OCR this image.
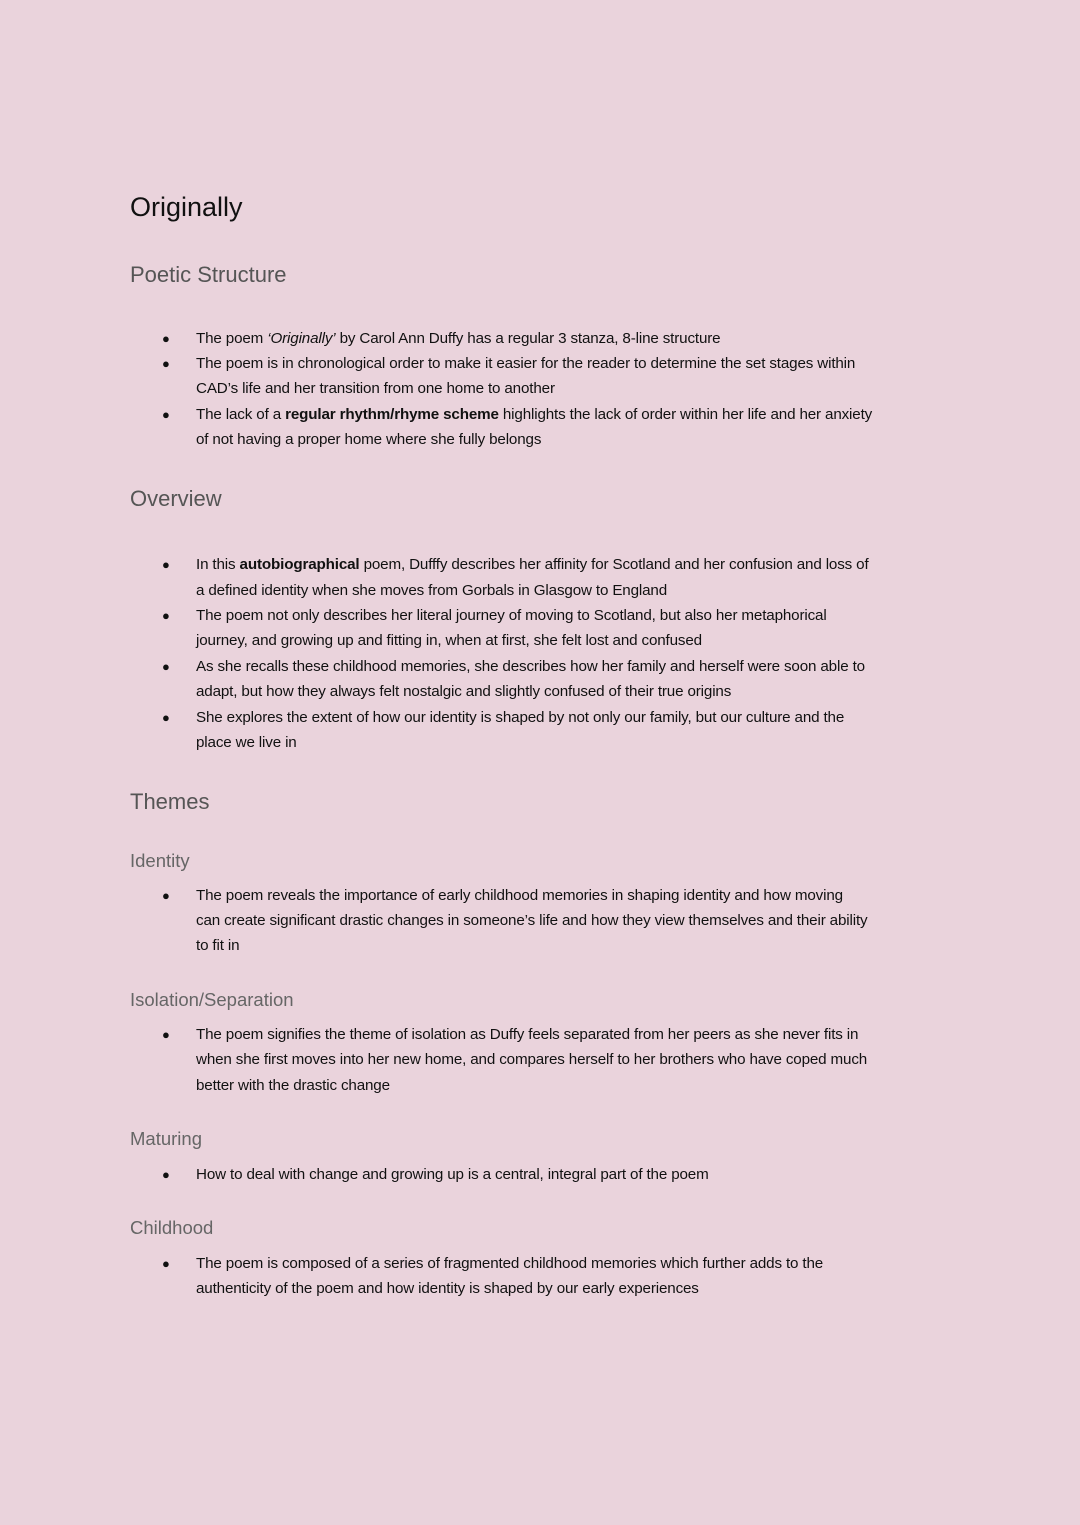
Originally
Poetic Structure
● The poem ‘Originally’ by Carol Ann Duffy has a regular 3 stanza, 8-line structure
● The poem is in chronological order to make it easier for the reader to determine the set stages within
CAD’s life and her transition from one home to another
● The lack of a regular rhythm/rhyme scheme highlights the lack of order within her life and her anxiety
of not having a proper home where she fully belongs
Overview
● In this autobiographical poem, Dufffy describes her affinity for Scotland and her confusion and loss of
a defined identity when she moves from Gorbals in Glasgow to England
● The poem not only describes her literal journey of moving to Scotland, but also her metaphorical
journey, and growing up and fitting in, when at first, she felt lost and confused
● As she recalls these childhood memories, she describes how her family and herself were soon able to
adapt, but how they always felt nostalgic and slightly confused of their true origins
● She explores the extent of how our identity is shaped by not only our family, but our culture and the
place we live in
Themes
Identity
● The poem reveals the importance of early childhood memories in shaping identity and how moving
can create significant drastic changes in someone’s life and how they view themselves and their ability
to fit in
Isolation/Separation
● The poem signifies the theme of isolation as Duffy feels separated from her peers as she never fits in
when she first moves into her new home, and compares herself to her brothers who have coped much
better with the drastic change
Maturing
● How to deal with change and growing up is a central, integral part of the poem
Childhood
● The poem is composed of a series of fragmented childhood memories which further adds to the
authenticity of the poem and how identity is shaped by our early experiences
